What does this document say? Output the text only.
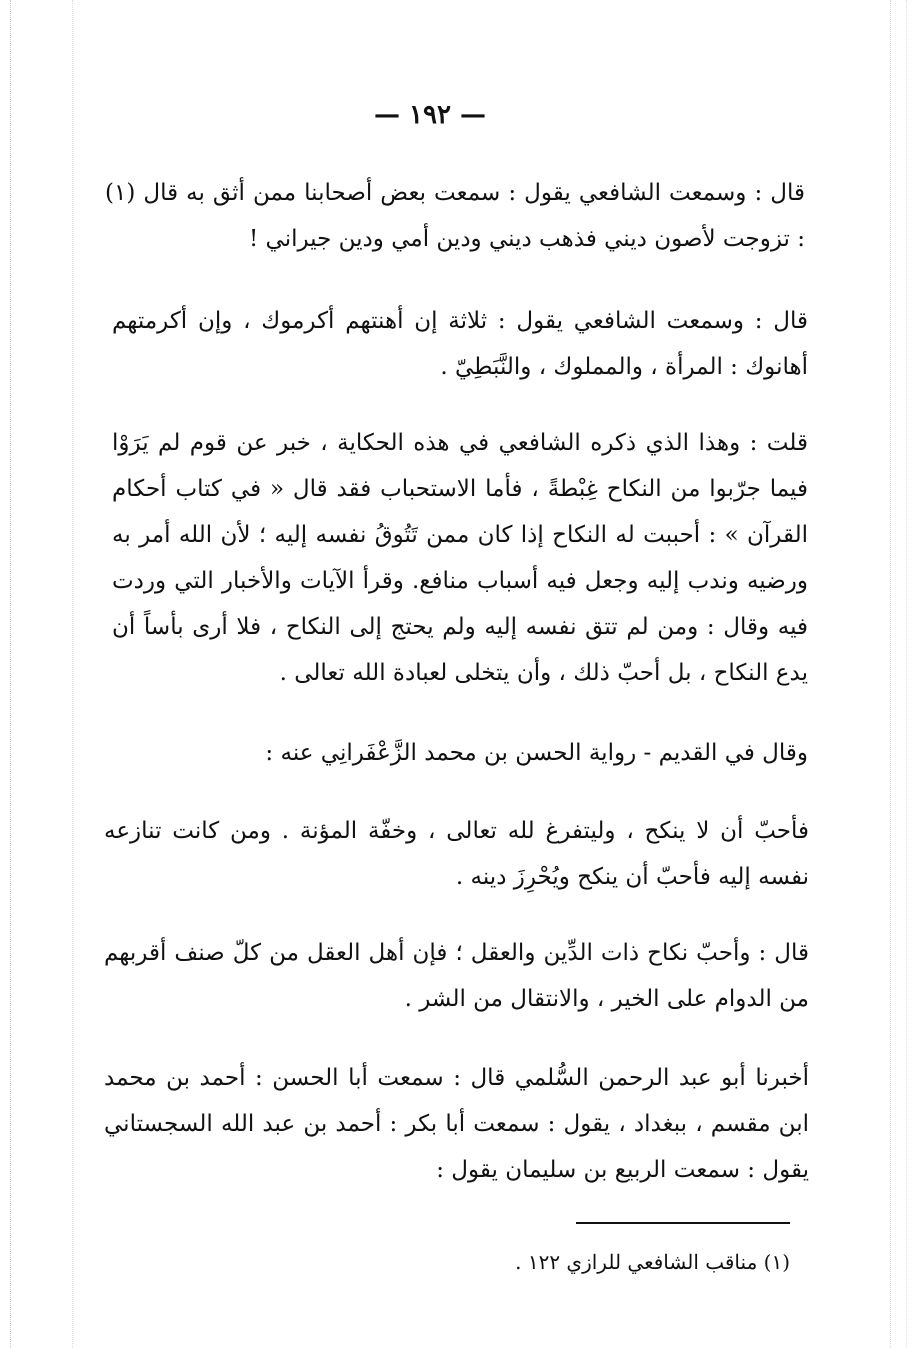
— ١٩٢ —
قال : وسمعت الشافعي يقول : سمعت بعض أصحابنا ممن أثق به قال (١) : تزوجت لأصون ديني فذهب ديني ودين أمي ودين جيراني !
قال : وسمعت الشافعي يقول : ثلاثة إن أهنتهم أكرموك ، وإن أكرمتهم أهانوك : المرأة ، والمملوك ، والنَّبَطِيّ .
قلت : وهذا الذي ذكره الشافعي في هذه الحكاية ، خبر عن قوم لم يَرَوْا فيما جرّبوا من النكاح غِبْطةً ، فأما الاستحباب فقد قال « في كتاب أحكام القرآن » : أحببت له النكاح إذا كان ممن تَتُوقُ نفسه إليه ؛ لأن الله أمر به ورضيه وندب إليه وجعل فيه أسباب منافع. وقرأ الآيات والأخبار التي وردت فيه وقال : ومن لم تتق نفسه إليه ولم يحتج إلى النكاح ، فلا أرى بأساً أن يدع النكاح ، بل أحبّ ذلك ، وأن يتخلى لعبادة الله تعالى .
وقال في القديم - رواية الحسن بن محمد الزَّعْفَرانِي عنه :
فأحبّ أن لا ينكح ، وليتفرغ لله تعالى ، وخفّة المؤنة . ومن كانت تنازعه نفسه إليه فأحبّ أن ينكح ويُحْرِزَ دينه .
قال : وأحبّ نكاح ذات الدِّين والعقل ؛ فإن أهل العقل من كلّ صنف أقربهم من الدوام على الخير ، والانتقال من الشر .
أخبرنا أبو عبد الرحمن السُّلمي قال : سمعت أبا الحسن : أحمد بن محمد ابن مقسم ، ببغداد ، يقول : سمعت أبا بكر : أحمد بن عبد الله السجستاني يقول : سمعت الربيع بن سليمان يقول :
(١) مناقب الشافعي للرازي ١٢٢ .
